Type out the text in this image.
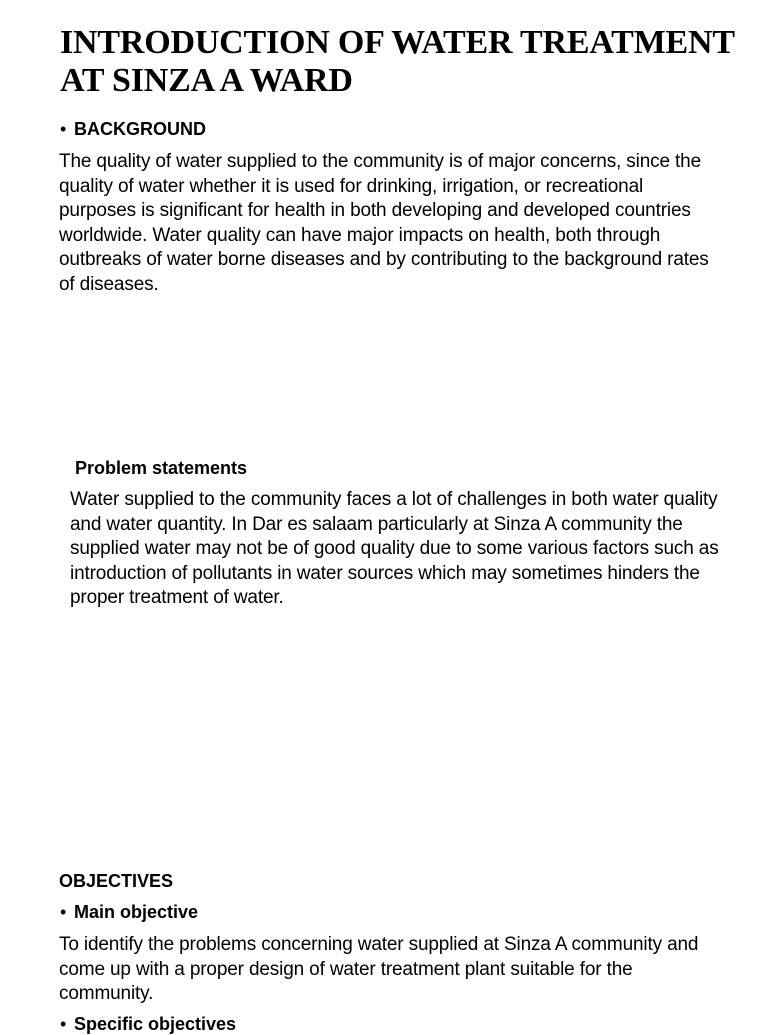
INTRODUCTION OF WATER TREATMENT AT SINZA A WARD
• BACKGROUND

The quality of water supplied to the community is of major concerns, since the quality of water whether it is used for drinking, irrigation, or recreational purposes is significant for health in both developing and developed countries worldwide. Water quality can have major impacts on health, both through outbreaks of water borne diseases and by contributing to the background rates of diseases.

Problem statements

Water supplied to the community faces a lot of challenges in both water quality and water quantity. In Dar es salaam particularly at Sinza A community the supplied water may not be of good quality due to some various factors such as introduction of pollutants in water sources which may sometimes hinders the proper treatment of water.

OBJECTIVES
• Main objective

To identify the problems concerning water supplied at Sinza A community and come up with a proper design of water treatment plant suitable for the community.

• Specific objectives
